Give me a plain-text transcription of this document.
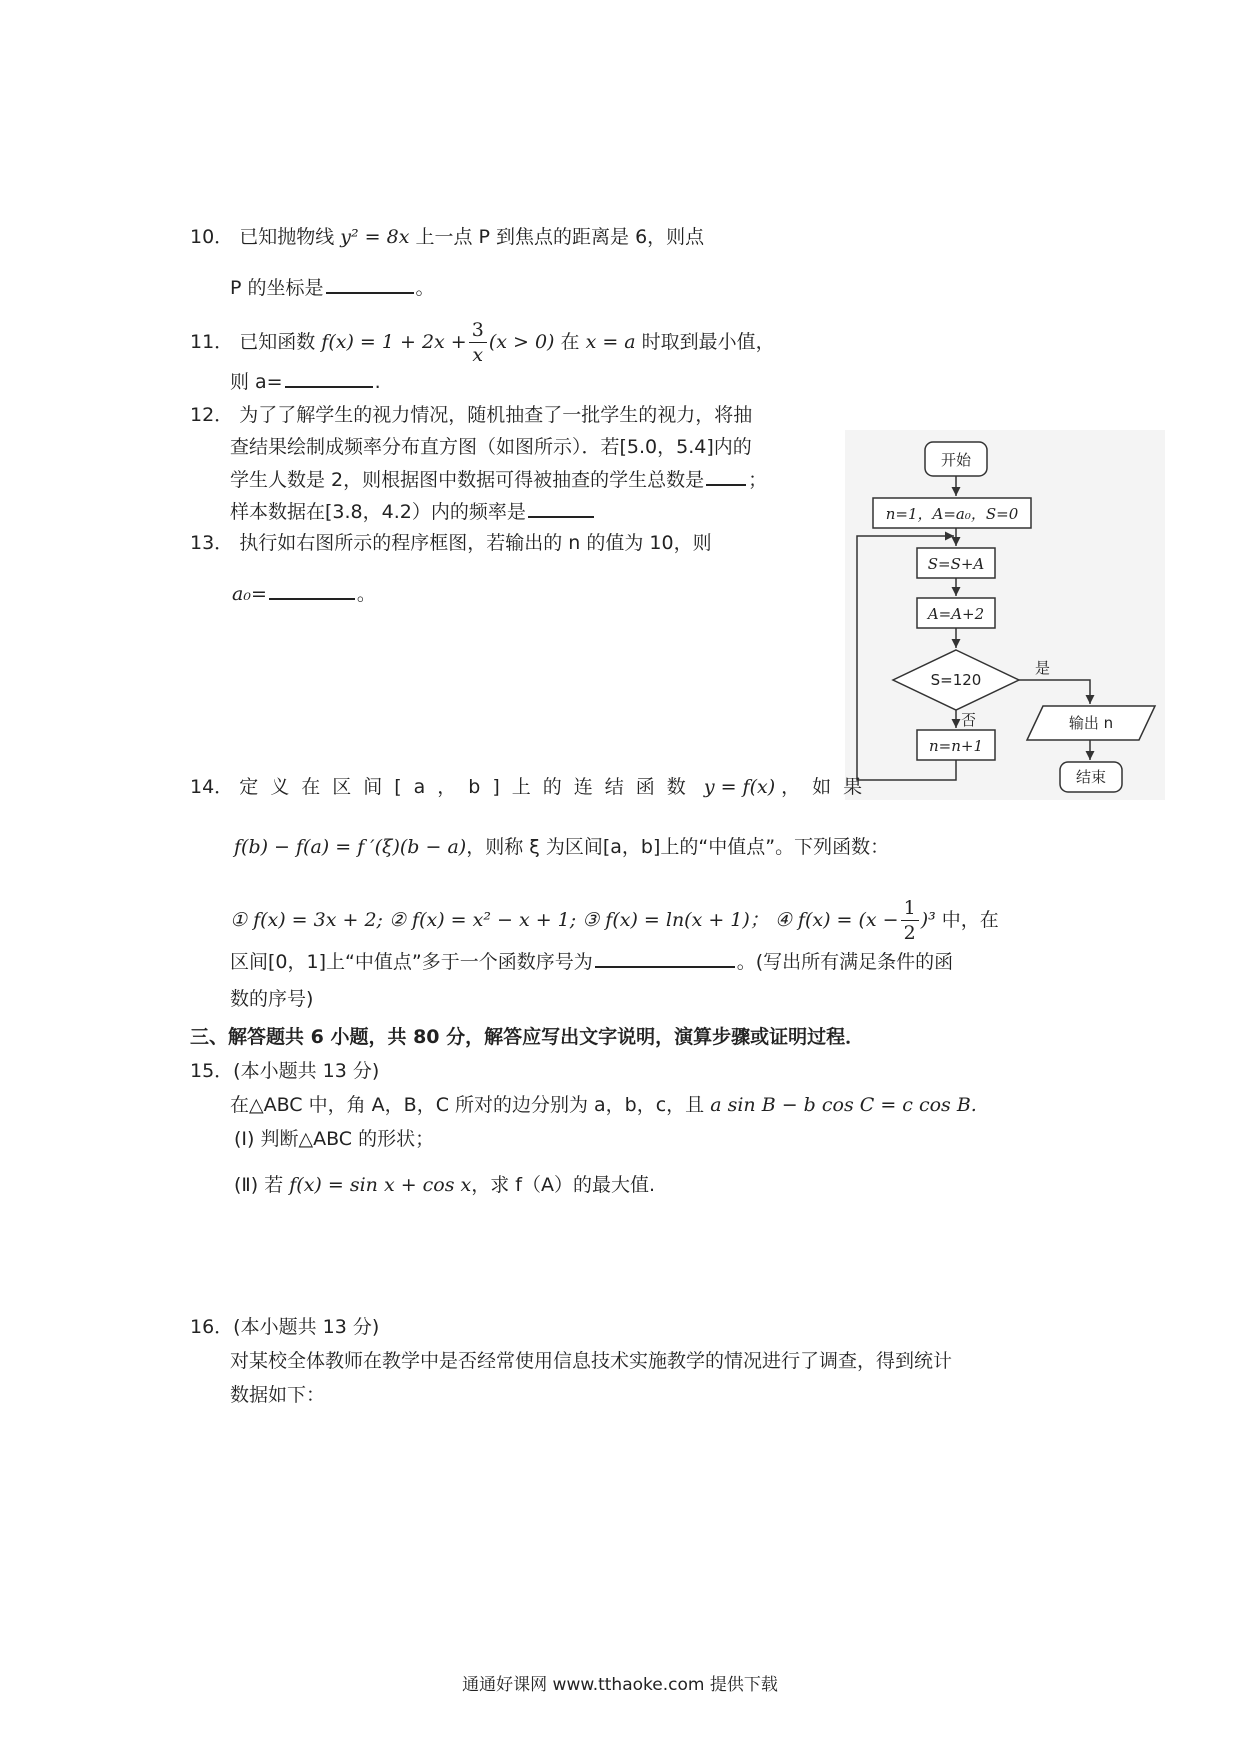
10． 已知抛物线 y² = 8x 上一点 P 到焦点的距离是 6，则点
P 的坐标是	。
11． 已知函数 $f(x) = 1 + 2x + \frac{3}{x} (x > 0)$ 在 x = a 时取到最小值，
则 a=	.
12． 为了了解学生的视力情况，随机抽查了一批学生的视力，将抽
查结果绘制成频率分布直方图（如图所示）．若[5.0，5.4]内的
学生人数是 2，则根据图中数据可得被抽查的学生总数是 ；
样本数据在[3.8，4.2）内的频率是
13． 执行如右图所示的程序框图，若输出的 n 的值为 10，则
a₀=	。
开始
n=1，A=a₀，S=0
S=S+A
A=A+2
S=120
是
输出 n
结束
否
n=n+1
14． 定义在区间[a，b]上的连结函数 y = f(x) ，如果
f(b) − f(a) = f ′(ξ)(b − a)，则称 ξ 为区间[a，b]上的“中值点”。下列函数：
① f(x) = 3x + 2; ② f(x) = x² − x + 1; ③ f(x) = ln(x + 1)； ④ $f(x) = (x - \frac{1}{2} )^3$ 中，在
区间[0，1]上“中值点”多于一个函数序号为	。(写出所有满足条件的函
数的序号)
三、解答题共 6 小题，共 80 分，解答应写出文字说明，演算步骤或证明过程．
15．(本小题共 13 分)
在△ABC 中，角 A，B，C 所对的边分别为 a，b，c，且 a sin B − b cos C = c cos B.
(I) 判断△ABC 的形状；
(Ⅱ) 若 f(x) = sin x + cos x，求 f（A）的最大值.
16．(本小题共 13 分)
对某校全体教师在教学中是否经常使用信息技术实施教学的情况进行了调查，得到统计
数据如下：
通通好课网 www.tthaoke.com 提供下载
